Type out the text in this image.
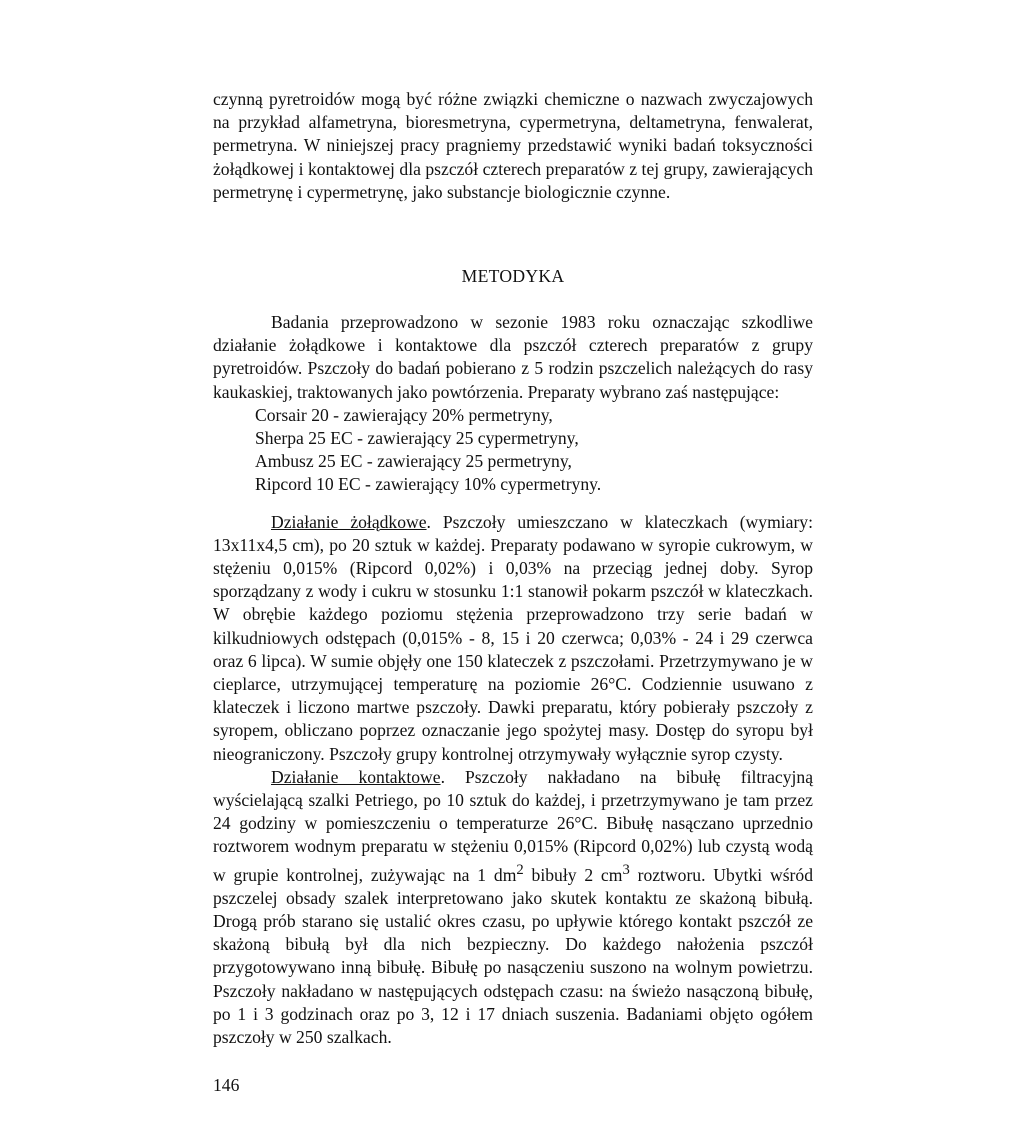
czynną pyretroidów mogą być różne związki chemiczne o nazwach zwyczajowych na przykład alfametryna, bioresmetryna, cypermetryna, deltametryna, fenwalerat, permetryna. W niniejszej pracy pragniemy przedstawić wyniki badań toksyczności żołądkowej i kontaktowej dla pszczół czterech preparatów z tej grupy, zawierających permetrynę i cypermetrynę, jako substancje biologicznie czynne.

METODYKA

Badania przeprowadzono w sezonie 1983 roku oznaczając szkodliwe działanie żołądkowe i kontaktowe dla pszczół czterech preparatów z grupy pyretroidów. Pszczoły do badań pobierano z 5 rodzin pszczelich należących do rasy kaukaskiej, traktowanych jako powtórzenia. Preparaty wybrano zaś następujące:

Corsair 20 - zawierający 20% permetryny,
Sherpa 25 EC - zawierający 25 cypermetryny,
Ambusz 25 EC - zawierający 25 permetryny,
Ripcord 10 EC - zawierający 10% cypermetryny.

Działanie żołądkowe. Pszczoły umieszczano w klateczkach (wymiary: 13x11x4,5 cm), po 20 sztuk w każdej. Preparaty podawano w syropie cukrowym, w stężeniu 0,015% (Ripcord 0,02%) i 0,03% na przeciąg jednej doby. Syrop sporządzany z wody i cukru w stosunku 1:1 stanowił pokarm pszczół w klateczkach. W obrębie każdego poziomu stężenia przeprowadzono trzy serie badań w kilkudniowych odstępach (0,015% - 8, 15 i 20 czerwca; 0,03% - 24 i 29 czerwca oraz 6 lipca). W sumie objęły one 150 klateczek z pszczołami. Przetrzymywano je w cieplarce, utrzymującej temperaturę na poziomie 26°C. Codziennie usuwano z klateczek i liczono martwe pszczoły. Dawki preparatu, który pobierały pszczoły z syropem, obliczano poprzez oznaczanie jego spożytej masy. Dostęp do syropu był nieograniczony. Pszczoły grupy kontrolnej otrzymywały wyłącznie syrop czysty.

Działanie kontaktowe. Pszczoły nakładano na bibułę filtracyjną wyścielającą szalki Petriego, po 10 sztuk do każdej, i przetrzymywano je tam przez 24 godziny w pomieszczeniu o temperaturze 26°C. Bibułę nasączano uprzednio roztworem wodnym preparatu w stężeniu 0,015% (Ripcord 0,02%) lub czystą wodą w grupie kontrolnej, zużywając na 1 $dm^2$ bibuły 2 $cm^3$ roztworu. Ubytki wśród pszczelej obsady szalek interpretowano jako skutek kontaktu ze skażoną bibułą. Drogą prób starano się ustalić okres czasu, po upływie którego kontakt pszczół ze skażoną bibułą był dla nich bezpieczny. Do każdego nałożenia pszczół przygotowywano inną bibułę. Bibułę po nasączeniu suszono na wolnym powietrzu. Pszczoły nakładano w następujących odstępach czasu: na świeżo nasączoną bibułę, po 1 i 3 godzinach oraz po 3, 12 i 17 dniach suszenia. Badaniami objęto ogółem pszczoły w 250 szalkach.

146
